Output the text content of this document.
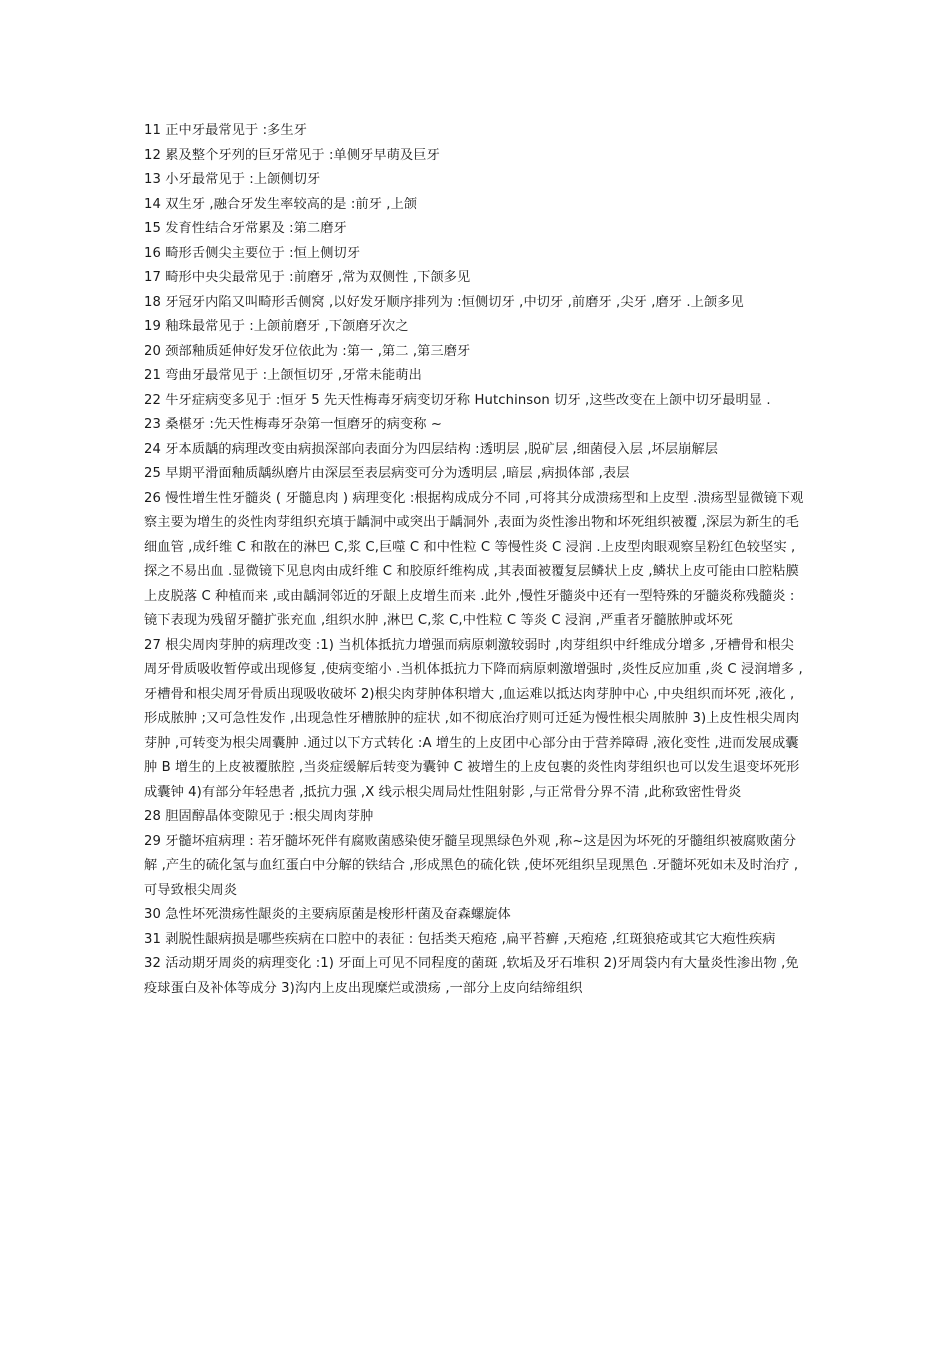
11 正中牙最常见于 :多生牙

12 累及整个牙列的巨牙常见于 :单侧牙早萌及巨牙

13 小牙最常见于 :上颌侧切牙

14 双生牙 ,融合牙发生率较高的是 :前牙 ,上颌

15 发育性结合牙常累及 :第二磨牙

16 畸形舌侧尖主要位于 :恒上侧切牙

17 畸形中央尖最常见于 :前磨牙 ,常为双侧性 ,下颌多见

18 牙冠牙内陷又叫畸形舌侧窝 ,以好发牙顺序排列为 :恒侧切牙 ,中切牙 ,前磨牙 ,尖牙 ,磨牙 .上颌多见

19 釉珠最常见于 :上颌前磨牙 ,下颌磨牙次之

20 颈部釉质延伸好发牙位依此为 :第一 ,第二 ,第三磨牙

21 弯曲牙最常见于 :上颌恒切牙 ,牙常未能萌出

22 牛牙症病变多见于 :恒牙 5 先天性梅毒牙病变切牙称 Hutchinson 切牙 ,这些改变在上颌中切牙最明显 .

23 桑椹牙 :先天性梅毒牙杂第一恒磨牙的病变称 ~

24 牙本质龋的病理改变由病损深部向表面分为四层结构 :透明层 ,脱矿层 ,细菌侵入层 ,坏层崩解层

25 早期平滑面釉质龋纵磨片由深层至表层病变可分为透明层 ,暗层 ,病损体部 ,表层

26 慢性增生性牙髓炎 ( 牙髓息肉 ) 病理变化 :根据构成成分不同 ,可将其分成溃疡型和上皮型 .溃疡型显微镜下观察主要为增生的炎性肉芽组织充填于龋洞中或突出于龋洞外 ,表面为炎性渗出物和坏死组织被覆 ,深层为新生的毛细血管 ,成纤维 C 和散在的淋巴 C,浆 C,巨噬 C 和中性粒 C 等慢性炎 C 浸润 .上皮型肉眼观察呈粉红色较坚实 ,探之不易出血 .显微镜下见息肉由成纤维 C 和胶原纤维构成 ,其表面被覆复层鳞状上皮 ,鳞状上皮可能由口腔粘膜上皮脱落 C 种植而来 ,或由龋洞邻近的牙龈上皮增生而来 .此外 ,慢性牙髓炎中还有一型特殊的牙髓炎称残髓炎 :镜下表现为残留牙髓扩张充血 ,组织水肿 ,淋巴 C,浆 C,中性粒 C 等炎 C 浸润 ,严重者牙髓脓肿或坏死

27 根尖周肉芽肿的病理改变 :1) 当机体抵抗力增强而病原刺激较弱时 ,肉芽组织中纤维成分增多 ,牙槽骨和根尖周牙骨质吸收暂停或出现修复 ,使病变缩小 .当机体抵抗力下降而病原刺激增强时 ,炎性反应加重 ,炎 C 浸润增多 ,牙槽骨和根尖周牙骨质出现吸收破坏 2)根尖肉芽肿体积增大 ,血运难以抵达肉芽肿中心 ,中央组织而坏死 ,液化 ,形成脓肿 ;又可急性发作 ,出现急性牙槽脓肿的症状 ,如不彻底治疗则可迁延为慢性根尖周脓肿 3)上皮性根尖周肉芽肿 ,可转变为根尖周囊肿 .通过以下方式转化 :A 增生的上皮团中心部分由于营养障碍 ,液化变性 ,进而发展成囊肿 B 增生的上皮被覆脓腔 ,当炎症缓解后转变为囊钟 C 被增生的上皮包裹的炎性肉芽组织也可以发生退变坏死形成囊钟 4)有部分年轻患者 ,抵抗力强 ,X 线示根尖周局灶性阻射影 ,与正常骨分界不清 ,此称致密性骨炎

28 胆固醇晶体变隙见于 :根尖周肉芽肿

29 牙髓坏疽病理 : 若牙髓坏死伴有腐败菌感染使牙髓呈现黑绿色外观 ,称~这是因为坏死的牙髓组织被腐败菌分解 ,产生的硫化氢与血红蛋白中分解的铁结合 ,形成黑色的硫化铁 ,使坏死组织呈现黑色 .牙髓坏死如未及时治疗 ,可导致根尖周炎

30 急性坏死溃疡性龈炎的主要病原菌是梭形杆菌及奋森螺旋体

31 剥脱性龈病损是哪些疾病在口腔中的表征 : 包括类天疱疮 ,扁平苔癣 ,天疱疮 ,红斑狼疮或其它大疱性疾病

32 活动期牙周炎的病理变化 :1) 牙面上可见不同程度的菌斑 ,软垢及牙石堆积 2)牙周袋内有大量炎性渗出物 ,免疫球蛋白及补体等成分 3)沟内上皮出现糜烂或溃疡 ,一部分上皮向结缔组织
